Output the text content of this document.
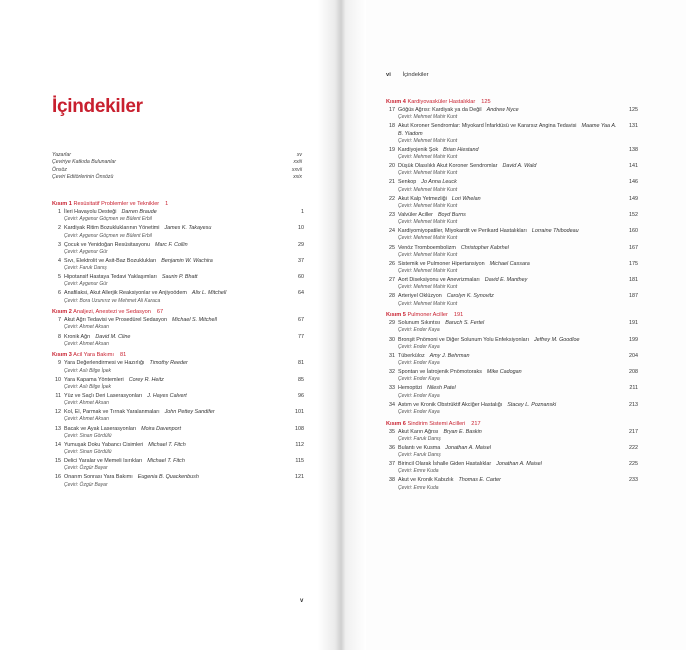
İçindekiler
Yazarlar	xv
Çeviriye Katkıda Bulunanlar	xxiii
Önsöz	xxvii
Çeviri Editörlerinin Önsözü	xxix
Kısım 1 Resüsitatif Problemler ve Teknikler 1
1 İleri Havayolu Desteği Darren Braude	1
Çeviri: Aygenur Göçmen ve Bülent Erbil
2 Kardiyak Ritim Bozukluklarının Yönetimi James K. Takayesu	10
Çeviri: Aygenur Göçmen ve Bülent Erbil
3 Çocuk ve Yenidoğan Resüsitasyonu Marc F. Collin	29
Çeviri: Aygenur Gür
4 Sıvı, Elektrolit ve Asit-Baz Bozuklukları Benjamin W. Wachira	37
Çeviri: Faruk Danış
5 Hipotansif Hastaya Tedavi Yaklaşımları Saurin P. Bhatt	60
Çeviri: Aygenur Gür
6 Anafilaksi, Akut Allerjik Reaksiyonlar ve Anjiyoödem Alix L. Mitchell	64
Çeviri: Bora Uzunırız ve Mehmet Ali Karaca
Kısım 2 Analjezi, Anestezi ve Sedasyon 67
7 Akut Ağrı Tedavisi ve Prosedürel Sedasyon Michael S. Mitchell	67
Çeviri: Ahmet Aksan
8 Kronik Ağrı David M. Cline	77
Çeviri: Ahmet Aksan
Kısım 3 Acil Yara Bakımı 81
9 Yara Değerlendirmesi ve Hazırlığı Timothy Reeder	81
Çeviri: Aslı Bilge İpek
10 Yara Kapama Yöntemleri Corey R. Heitz	85
Çeviri: Aslı Bilge İpek
11 Yüz ve Saçlı Deri Laserasyonları J. Hayes Calvert	96
Çeviri: Ahmet Aksan
12 Kol, El, Parmak ve Tırnak Yaralanmaları John Pettey Sandifer	101
Çeviri: Ahmet Aksan
13 Bacak ve Ayak Laserasyonları Moira Davenport	108
Çeviri: Sinan Gördülü
14 Yumuşak Doku Yabancı Cisimleri Michael T. Fitch	112
Çeviri: Sinan Gördülü
15 Delici Yaralar ve Memeli Isırıkları Michael T. Fitch	115
Çeviri: Özgür Bayar
16 Onarım Sonrası Yara Bakımı Eugenia B. Quackenbush	121
Çeviri: Özgür Bayar
v
vi İçindekiler
Kısım 4 Kardiyovasküler Hastalıklar 125
17 Göğüs Ağrısı: Kardiyak ya da Değil Andrew Nyce	125
Çeviri: Mehmet Mahir Kunt
18 Akut Koroner Sendromlar: Miyokard İnfarktüsü ve Kararsız Angina Tedavisi Maame Yaa A. B. Yiadom
131
Çeviri: Mehmet Mahir Kunt
19 Kardiyojenik Şok Brian Hiestand	138
Çeviri: Mehmet Mahir Kunt
20 Düşük Olasılıklı Akut Koroner Sendromlar David A. Wald	141
Çeviri: Mehmet Mahir Kunt
21 Senkop Jo Anna Leuck	146
Çeviri: Mehmet Mahir Kunt
22 Akut Kalp Yetmezliği Lori Whelan	149
Çeviri: Mehmet Mahir Kunt
23 Valvüler Aciller Boyd Burns	152
Çeviri: Mehmet Mahir Kunt
24 Kardiyomiyopatiler, Miyokardit ve Perikard Hastalıkları Lorraine Thibodeau	160
Çeviri: Mehmet Mahir Kunt
25 Venöz Tromboembolizm Christopher Kabrhel	167
Çeviri: Mehmet Mahir Kunt
26 Sistemik ve Pulmoner Hipertansiyon Michael Cassara	175
Çeviri: Mehmet Mahir Kunt
27 Aort Diseksiyonu ve Anevrizmaları David E. Manthey	181
Çeviri: Mehmet Mahir Kunt
28 Arteriyel Oklüzyon Carolyn K. Synovitz	187
Çeviri: Mehmet Mahir Kunt
Kısım 5 Pulmoner Aciller 191
29 Solunum Sıkıntısı Baruch S. Fertel	191
Çeviri: Ender Kaya
30 Bronşit Pnömoni ve Diğer Solunum Yolu Enfeksiyonları Jeffrey M. Goodloe	199
Çeviri: Ender Kaya
31 Tüberküloz Amy J. Behrman	204
Çeviri: Ender Kaya
32 Spontan ve İatrojenik Pnömotoraks Mike Cadogan	208
Çeviri: Ender Kaya
33 Hemoptizi Nilesh Patel	211
Çeviri: Ender Kaya
34 Astım ve Kronik Obstrüktif Akciğer Hastalığı Stacey L. Poznanski	213
Çeviri: Ender Kaya
Kısım 6 Sindirim Sistemi Acilleri 217
35 Akut Karın Ağrısı Bryan E. Baskin	217
Çeviri: Faruk Danış
36 Bulantı ve Kusma Jonathan A. Maisel	222
Çeviri: Faruk Danış
37 Birincil Olarak İshalle Giden Hastalıklar Jonathan A. Maisel	225
Çeviri: Emre Kuda
38 Akut ve Kronik Kabızlık Thomas E. Carter	233
Çeviri: Emre Kuda
